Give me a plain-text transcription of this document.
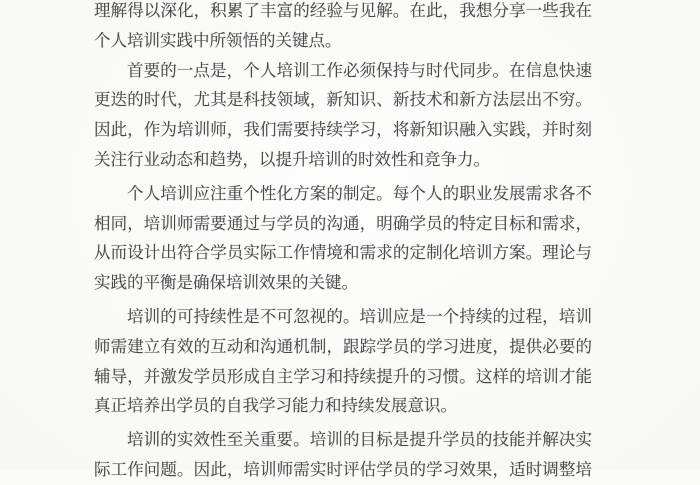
理解得以深化，积累了丰富的经验与见解。在此，我想分享一些我在
个人培训实践中所领悟的关键点。
首要的一点是，个人培训工作必须保持与时代同步。在信息快速
更迭的时代，尤其是科技领域，新知识、新技术和新方法层出不穷。
因此，作为培训师，我们需要持续学习，将新知识融入实践，并时刻
关注行业动态和趋势，以提升培训的时效性和竞争力。
个人培训应注重个性化方案的制定。每个人的职业发展需求各不
相同，培训师需要通过与学员的沟通，明确学员的特定目标和需求，
从而设计出符合学员实际工作情境和需求的定制化培训方案。理论与
实践的平衡是确保培训效果的关键。
培训的可持续性是不可忽视的。培训应是一个持续的过程，培训
师需建立有效的互动和沟通机制，跟踪学员的学习进度，提供必要的
辅导，并激发学员形成自主学习和持续提升的习惯。这样的培训才能
真正培养出学员的自我学习能力和持续发展意识。
培训的实效性至关重要。培训的目标是提升学员的技能并解决实
际工作问题。因此，培训师需实时评估学员的学习效果，适时调整培
